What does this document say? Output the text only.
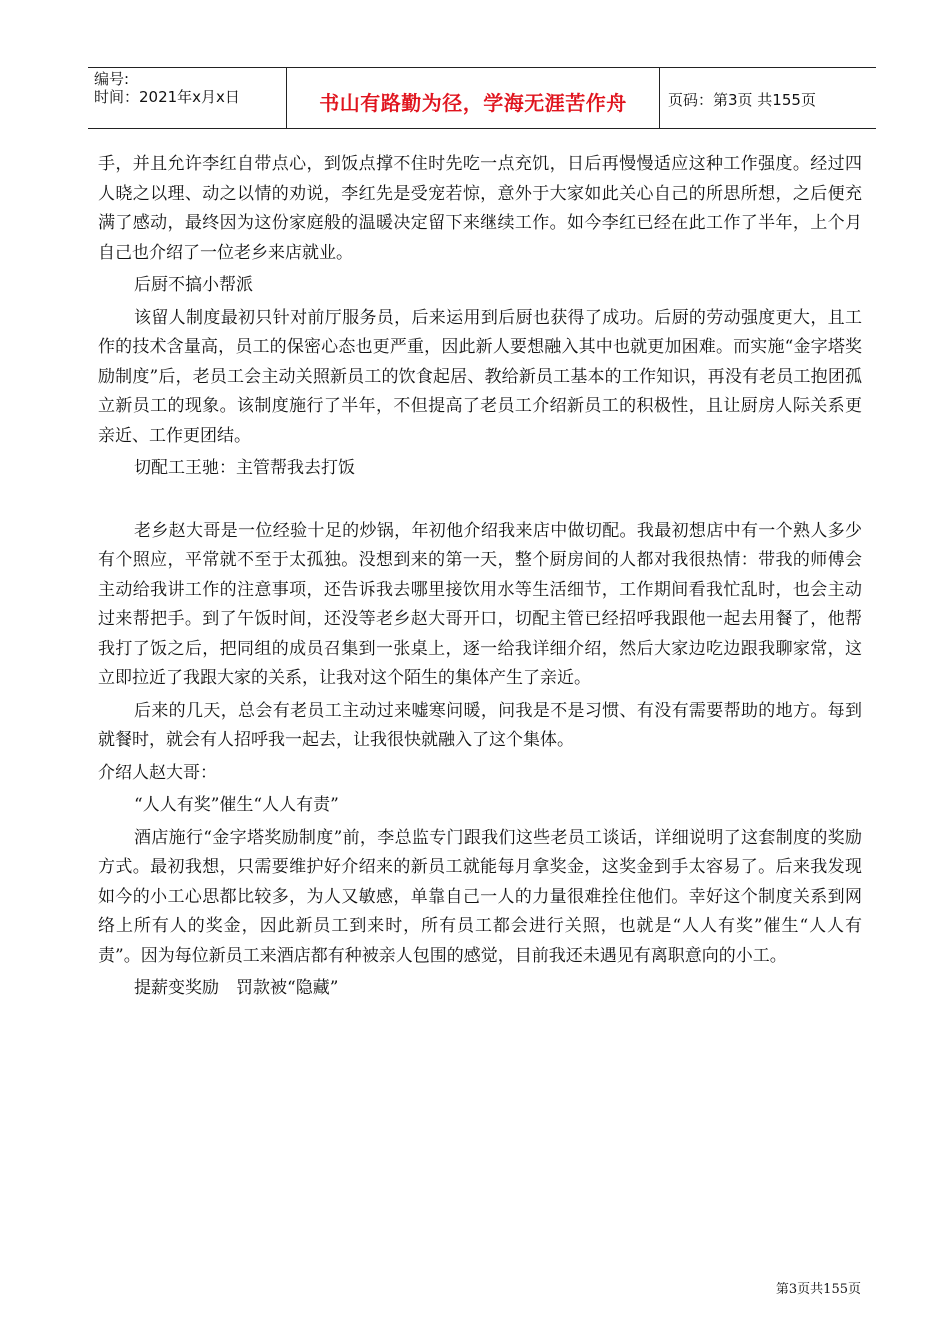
编号:
时间：2021年x月x日	书山有路勤为径，学海无涯苦作舟	页码：第3页 共155页

手，并且允许李红自带点心，到饭点撑不住时先吃一点充饥，日后再慢慢适应这种工作强度。经过四人晓之以理、动之以情的劝说，李红先是受宠若惊，意外于大家如此关心自己的所思所想，之后便充满了感动，最终因为这份家庭般的温暖决定留下来继续工作。如今李红已经在此工作了半年，上个月自己也介绍了一位老乡来店就业。

后厨不搞小帮派

该留人制度最初只针对前厅服务员，后来运用到后厨也获得了成功。后厨的劳动强度更大，且工作的技术含量高，员工的保密心态也更严重，因此新人要想融入其中也就更加困难。而实施“金字塔奖励制度”后，老员工会主动关照新员工的饮食起居、教给新员工基本的工作知识，再没有老员工抱团孤立新员工的现象。该制度施行了半年，不但提高了老员工介绍新员工的积极性，且让厨房人际关系更亲近、工作更团结。

切配工王驰：主管帮我去打饭

老乡赵大哥是一位经验十足的炒锅，年初他介绍我来店中做切配。我最初想店中有一个熟人多少有个照应，平常就不至于太孤独。没想到来的第一天，整个厨房间的人都对我很热情：带我的师傅会主动给我讲工作的注意事项，还告诉我去哪里接饮用水等生活细节，工作期间看我忙乱时，也会主动过来帮把手。到了午饭时间，还没等老乡赵大哥开口，切配主管已经招呼我跟他一起去用餐了，他帮我打了饭之后，把同组的成员召集到一张桌上，逐一给我详细介绍，然后大家边吃边跟我聊家常，这立即拉近了我跟大家的关系，让我对这个陌生的集体产生了亲近。

后来的几天，总会有老员工主动过来嘘寒问暖，问我是不是习惯、有没有需要帮助的地方。每到就餐时，就会有人招呼我一起去，让我很快就融入了这个集体。

介绍人赵大哥：

“人人有奖”催生“人人有责”

酒店施行“金字塔奖励制度”前，李总监专门跟我们这些老员工谈话，详细说明了这套制度的奖励方式。最初我想，只需要维护好介绍来的新员工就能每月拿奖金，这奖金到手太容易了。后来我发现如今的小工心思都比较多，为人又敏感，单靠自己一人的力量很难拴住他们。幸好这个制度关系到网络上所有人的奖金，因此新员工到来时，所有员工都会进行关照，也就是“人人有奖”催生“人人有责”。因为每位新员工来酒店都有种被亲人包围的感觉，目前我还未遇见有离职意向的小工。

提薪变奖励　罚款被“隐藏”

第3页共155页
